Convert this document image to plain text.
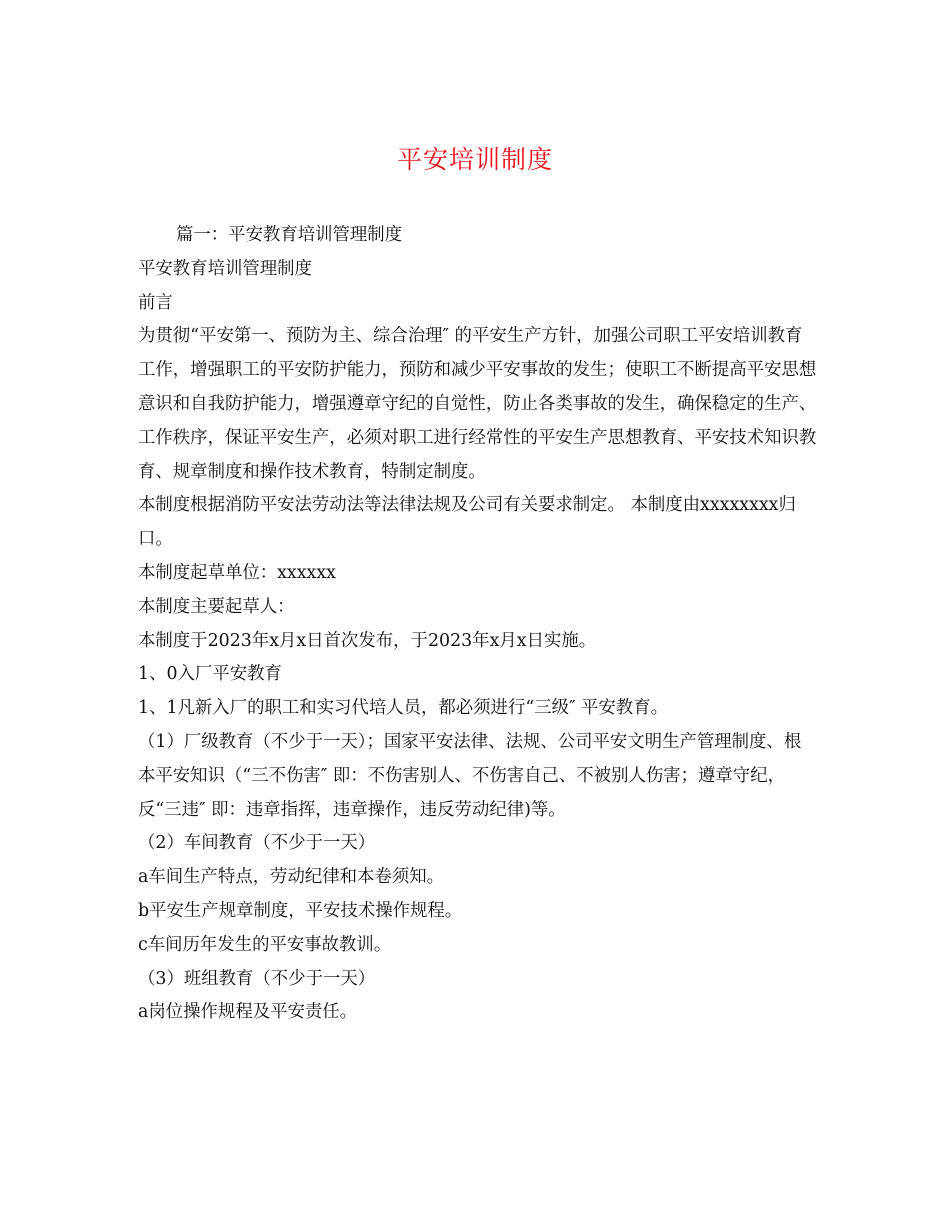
平安培训制度

篇一：平安教育培训管理制度

平安教育培训管理制度

前言

为贯彻“平安第一、预防为主、综合治理″ 的平安生产方针，加强公司职工平安培训教育工作，增强职工的平安防护能力，预防和减少平安事故的发生；使职工不断提高平安思想意识和自我防护能力，增强遵章守纪的自觉性，防止各类事故的发生，确保稳定的生产、工作秩序，保证平安生产，必须对职工进行经常性的平安生产思想教育、平安技术知识教育、规章制度和操作技术教育，特制定制度。

本制度根据消防平安法劳动法等法律法规及公司有关要求制定。 本制度由xxxxxxxx归口。

本制度起草单位：xxxxxx

本制度主要起草人：

本制度于2023年x月x日首次发布，于2023年x月x日实施。

1、0入厂平安教育

1、1凡新入厂的职工和实习代培人员，都必须进行“三级″ 平安教育。

（1）厂级教育（不少于一天）；国家平安法律、法规、公司平安文明生产管理制度、根本平安知识（“三不伤害″ 即：不伤害别人、不伤害自己、不被别人伤害；遵章守纪，反“三违″ 即：违章指挥，违章操作，违反劳动纪律)等。

（2）车间教育（不少于一天）

a车间生产特点，劳动纪律和本卷须知。

b平安生产规章制度，平安技术操作规程。

c车间历年发生的平安事故教训。

（3）班组教育（不少于一天）

a岗位操作规程及平安责任。
